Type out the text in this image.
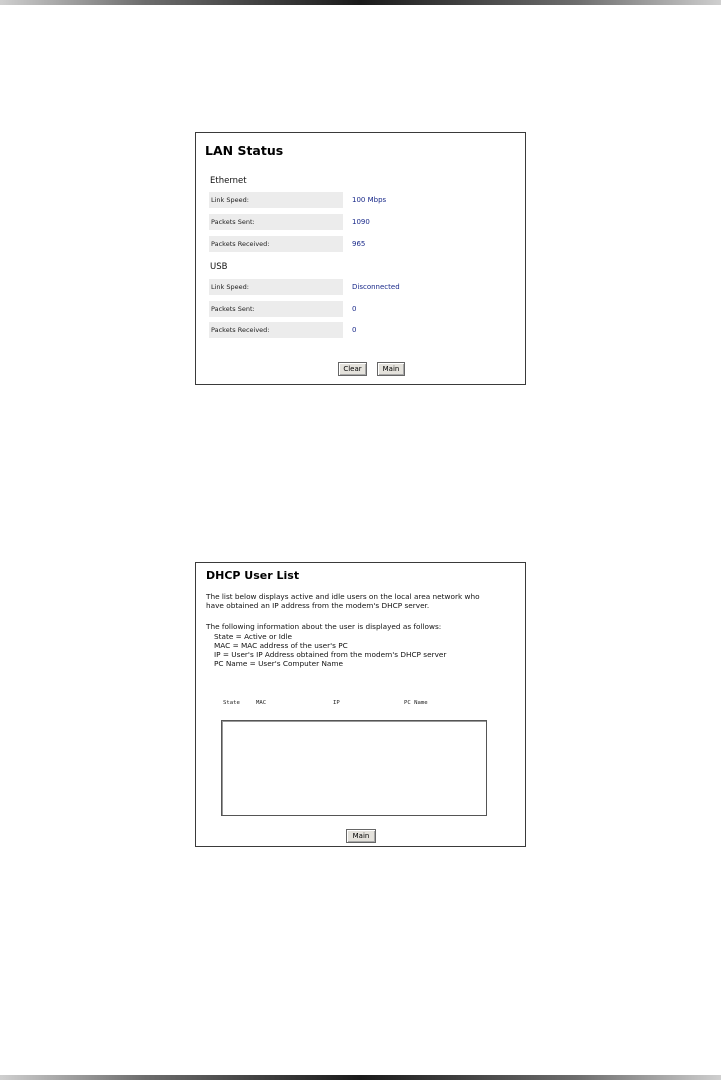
LAN Status
Ethernet
Link Speed:	100 Mbps
Packets Sent:	1090
Packets Received:	965
USB
Link Speed:	Disconnected
Packets Sent:	0
Packets Received:	0
Clear	Main
DHCP User List
The list below displays active and idle users on the local area network who
have obtained an IP address from the modem's DHCP server.
The following information about the user is displayed as follows:
State = Active or Idle
MAC = MAC address of the user's PC
IP = User's IP Address obtained from the modem's DHCP server
PC Name = User's Computer Name
State	MAC	IP	PC Name
Main
